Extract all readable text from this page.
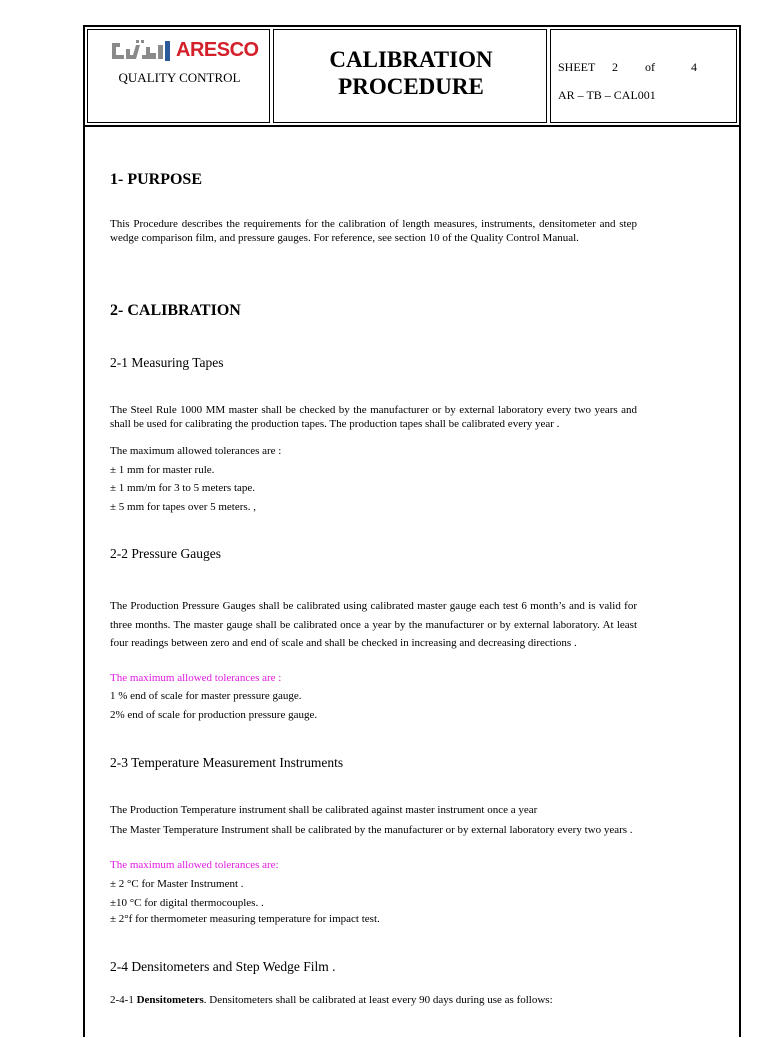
ARESCO
QUALITY CONTROL
CALIBRATION
PROCEDURE
SHEET 2 of	4
AR – TB – CAL001
1- PURPOSE
This Procedure describes the requirements for the calibration of length measures, instruments, densitometer and step wedge comparison film, and pressure gauges. For reference, see section 10 of the Quality Control Manual.
2- CALIBRATION
2-1 Measuring Tapes
The Steel Rule 1000 MM master shall be checked by the manufacturer or by external laboratory every two years and shall be used for calibrating the production tapes. The production tapes shall be calibrated every year .
The maximum allowed tolerances are :
± 1 mm for master rule.
± 1 mm/m for 3 to 5 meters tape.
± 5 mm for tapes over 5 meters. ,
2-2 Pressure Gauges
The Production Pressure Gauges shall be calibrated using calibrated master gauge each test 6 month’s and is valid for three months. The master gauge shall be calibrated once a year by the manufacturer or by external laboratory. At least four readings between zero and end of scale and shall be checked in increasing and decreasing directions .
The maximum allowed tolerances are :
1 % end of scale for master pressure gauge.
2% end of scale for production pressure gauge.
2-3 Temperature Measurement Instruments
The Production Temperature instrument shall be calibrated against master instrument once a year
The Master Temperature Instrument shall be calibrated by the manufacturer or by external laboratory every two years .
The maximum allowed tolerances are:
± 2 °C for Master Instrument .
±10 °C for digital thermocouples. .
± 2°f for thermometer measuring temperature for impact test.
2-4 Densitometers and Step Wedge Film .
2-4-1 Densitometers. Densitometers shall be calibrated at least every 90 days during use as follows:
